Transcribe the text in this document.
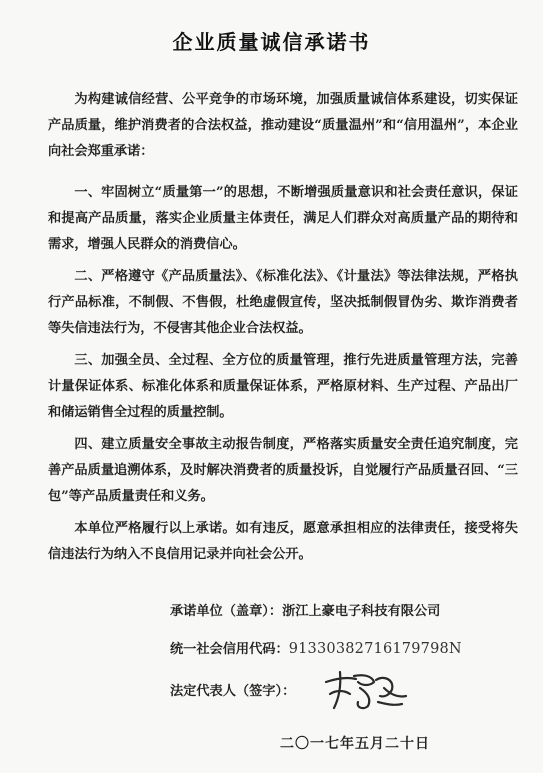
企业质量诚信承诺书
为构建诚信经营、公平竞争的市场环境，加强质量诚信体系建设，切实保证产品质量，维护消费者的合法权益，推动建设“质量温州”和“信用温州”，本企业向社会郑重承诺：
一、牢固树立“质量第一”的思想，不断增强质量意识和社会责任意识，保证和提高产品质量，落实企业质量主体责任，满足人们群众对高质量产品的期待和需求，增强人民群众的消费信心。
二、严格遵守《产品质量法》、《标准化法》、《计量法》等法律法规，严格执行产品标准，不制假、不售假，杜绝虚假宣传，坚决抵制假冒伪劣、欺诈消费者等失信违法行为，不侵害其他企业合法权益。
三、加强全员、全过程、全方位的质量管理，推行先进质量管理方法，完善计量保证体系、标准化体系和质量保证体系，严格原材料、生产过程、产品出厂和储运销售全过程的质量控制。
四、建立质量安全事故主动报告制度，严格落实质量安全责任追究制度，完善产品质量追溯体系，及时解决消费者的质量投诉，自觉履行产品质量召回、“三包”等产品质量责任和义务。
本单位严格履行以上承诺。如有违反，愿意承担相应的法律责任，接受将失信违法行为纳入不良信用记录并向社会公开。
承诺单位（盖章）：浙江上豪电子科技有限公司
统一社会信用代码：91330382716179798N
法定代表人（签字）：
二〇一七年五月二十日
